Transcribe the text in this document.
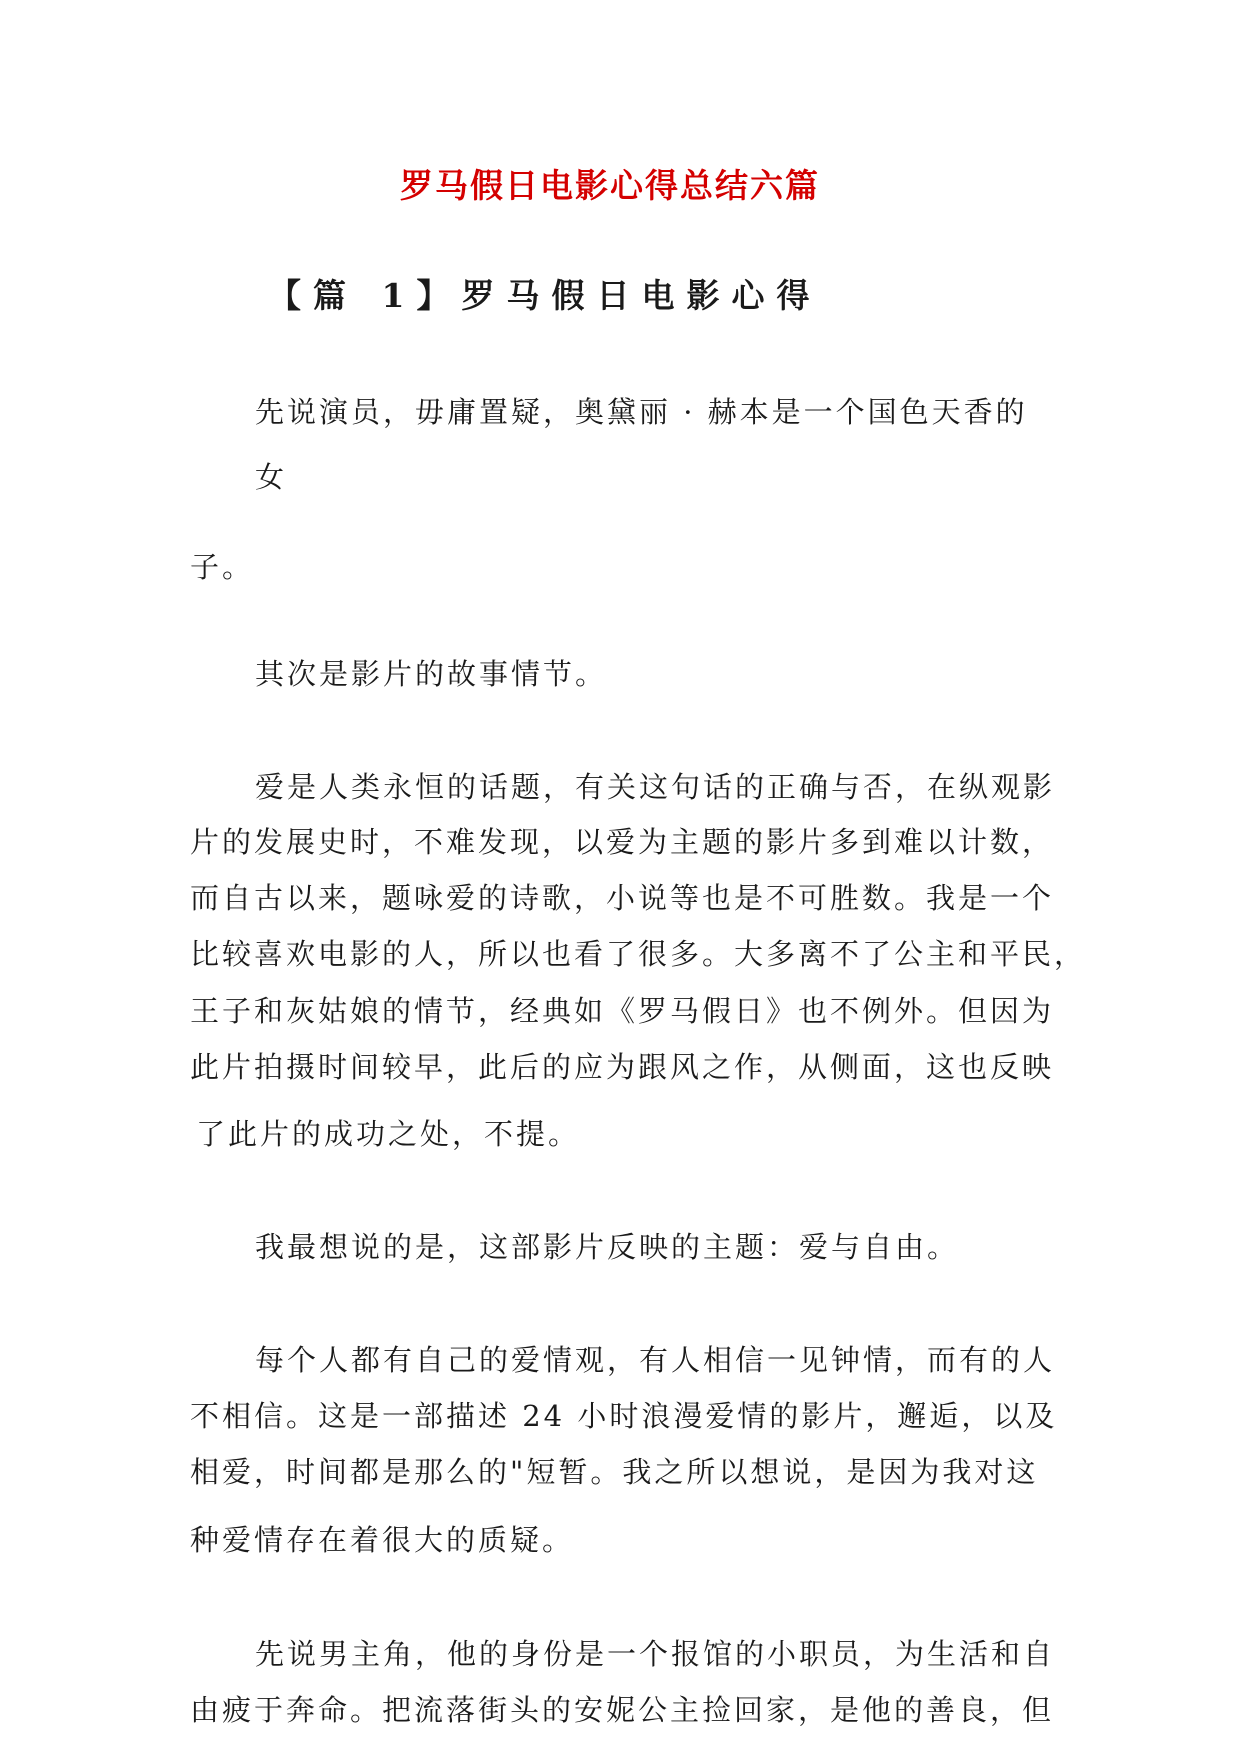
罗马假日电影心得总结六篇
【篇 1】罗马假日电影心得

先说演员，毋庸置疑，奥黛丽 · 赫本是一个国色天香的

女

子。

其次是影片的故事情节。

爱是人类永恒的话题，有关这句话的正确与否，在纵观影

片的发展史时，不难发现，以爱为主题的影片多到难以计数，

而自古以来，题咏爱的诗歌，小说等也是不可胜数。我是一个

比较喜欢电影的人，所以也看了很多。大多离不了公主和平民，

王子和灰姑娘的情节，经典如《罗马假日》也不例外。但因为

此片拍摄时间较早，此后的应为跟风之作，从侧面，这也反映

了此片的成功之处，不提。

我最想说的是，这部影片反映的主题：爱与自由。

每个人都有自己的爱情观，有人相信一见钟情，而有的人

不相信。这是一部描述 24 小时浪漫爱情的影片，邂逅，以及

相爱，时间都是那么的"短暂。我之所以想说，是因为我对这

种爱情存在着很大的质疑。

先说男主角，他的身份是一个报馆的小职员，为生活和自

由疲于奔命。把流落街头的安妮公主捡回家，是他的善良，但
